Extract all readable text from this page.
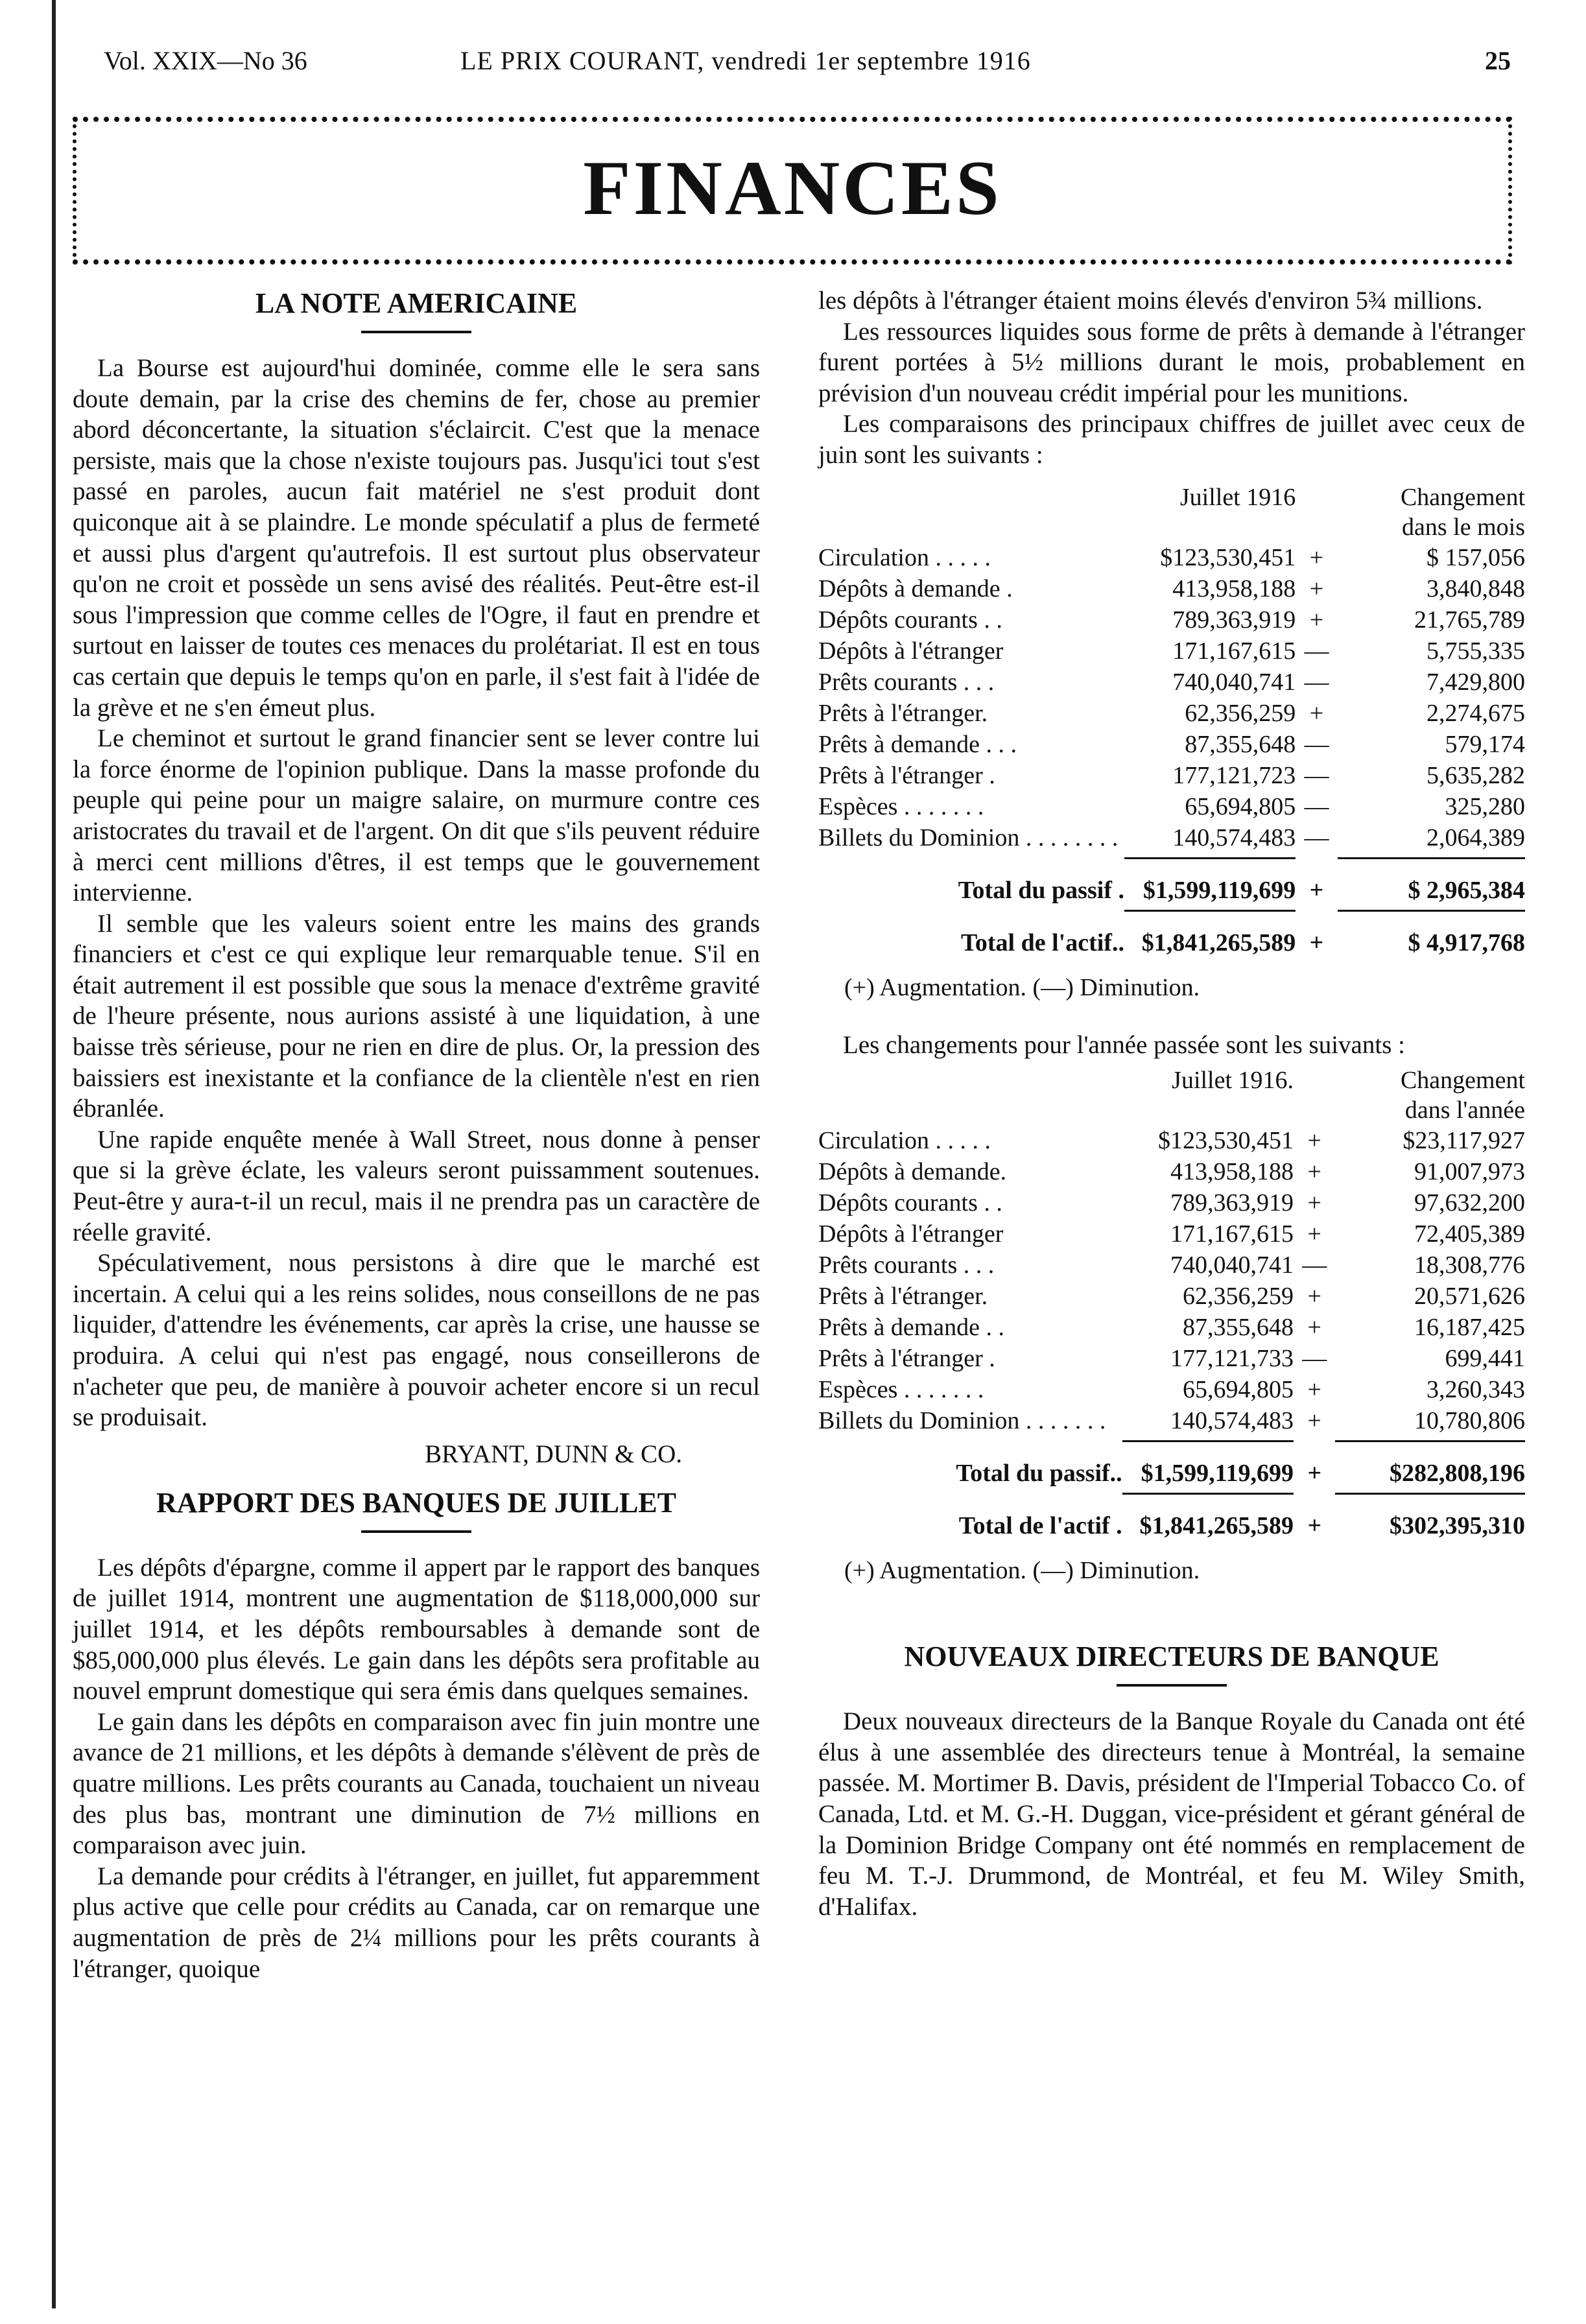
Vol. XXIX—No 36	LE PRIX COURANT, vendredi 1er septembre 1916	25
FINANCES
LA NOTE AMERICAINE

La Bourse est aujourd'hui dominée, comme elle le sera sans doute demain, par la crise des chemins de fer, chose au premier abord déconcertante, la situation s'éclaircit. C'est que la menace persiste, mais que la chose n'existe toujours pas. Jusqu'ici tout s'est passé en paroles, aucun fait matériel ne s'est produit dont quiconque ait à se plaindre. Le monde spéculatif a plus de fermeté et aussi plus d'argent qu'autrefois. Il est surtout plus observateur qu'on ne croit et possède un sens avisé des réalités. Peut-être est-il sous l'impression que comme celles de l'Ogre, il faut en prendre et surtout en laisser de toutes ces menaces du prolétariat. Il est en tous cas certain que depuis le temps qu'on en parle, il s'est fait à l'idée de la grève et ne s'en émeut plus.

Le cheminot et surtout le grand financier sent se lever contre lui la force énorme de l'opinion publique. Dans la masse profonde du peuple qui peine pour un maigre salaire, on murmure contre ces aristocrates du travail et de l'argent. On dit que s'ils peuvent réduire à merci cent millions d'êtres, il est temps que le gouvernement intervienne.

Il semble que les valeurs soient entre les mains des grands financiers et c'est ce qui explique leur remarquable tenue. S'il en était autrement il est possible que sous la menace d'extrême gravité de l'heure présente, nous aurions assisté à une liquidation, à une baisse très sérieuse, pour ne rien en dire de plus. Or, la pression des baissiers est inexistante et la confiance de la clientèle n'est en rien ébranlée.

Une rapide enquête menée à Wall Street, nous donne à penser que si la grève éclate, les valeurs seront puissamment soutenues. Peut-être y aura-t-il un recul, mais il ne prendra pas un caractère de réelle gravité.

Spéculativement, nous persistons à dire que le marché est incertain. A celui qui a les reins solides, nous conseillons de ne pas liquider, d'attendre les événements, car après la crise, une hausse se produira. A celui qui n'est pas engagé, nous conseillerons de n'acheter que peu, de manière à pouvoir acheter encore si un recul se produisait.

BRYANT, DUNN & CO.
RAPPORT DES BANQUES DE JUILLET

Les dépôts d'épargne, comme il appert par le rapport des banques de juillet 1914, montrent une augmentation de $118,000,000 sur juillet 1914, et les dépôts remboursables à demande sont de $85,000,000 plus élevés. Le gain dans les dépôts sera profitable au nouvel emprunt domestique qui sera émis dans quelques semaines.

Le gain dans les dépôts en comparaison avec fin juin montre une avance de 21 millions, et les dépôts à demande s'élèvent de près de quatre millions. Les prêts courants au Canada, touchaient un niveau des plus bas, montrant une diminution de 7½ millions en comparaison avec juin.

La demande pour crédits à l'étranger, en juillet, fut apparemment plus active que celle pour crédits au Canada, car on remarque une augmentation de près de 2¼ millions pour les prêts courants à l'étranger, quoique

les dépôts à l'étranger étaient moins élevés d'environ 5¾ millions.

Les ressources liquides sous forme de prêts à demande à l'étranger furent portées à 5½ millions durant le mois, probablement en prévision d'un nouveau crédit impérial pour les munitions.

Les comparaisons des principaux chiffres de juillet avec ceux de juin sont les suivants :

	Juillet 1916		Changement
dans le mois

Circulation . . . . .	$123,530,451	+	$ 157,056
Dépôts à demande .	413,958,188	+	3,840,848
Dépôts courants . .	789,363,919	+	21,765,789
Dépôts à l'étranger	171,167,615	—	5,755,335
Prêts courants . . .	740,040,741	—	7,429,800
Prêts à l'étranger.	62,356,259	+	2,274,675
Prêts à demande . . .	87,355,648	—	579,174
Prêts à l'étranger .	177,121,723	—	5,635,282
Espèces . . . . . . .	65,694,805	—	325,280
Billets du Dominion . . . . . . . .	140,574,483	—	2,064,389

Total du passif .	$1,599,119,699	+	$ 2,965,384

Total de l'actif..	$1,841,265,589	+	$ 4,917,768
(+) Augmentation. (—) Diminution.

Les changements pour l'année passée sont les suivants :

	Juillet 1916.		Changement
dans l'année

Circulation . . . . .	$123,530,451	+	$23,117,927
Dépôts à demande.	413,958,188	+	91,007,973
Dépôts courants . .	789,363,919	+	97,632,200
Dépôts à l'étranger	171,167,615	+	72,405,389
Prêts courants . . .	740,040,741	—	18,308,776
Prêts à l'étranger.	62,356,259	+	20,571,626
Prêts à demande . .	87,355,648	+	16,187,425
Prêts à l'étranger .	177,121,733	—	699,441
Espèces . . . . . . .	65,694,805	+	3,260,343
Billets du Dominion . . . . . . .	140,574,483	+	10,780,806

Total du passif..	$1,599,119,699	+	$282,808,196

Total de l'actif .	$1,841,265,589	+	$302,395,310
(+) Augmentation. (—) Diminution.
NOUVEAUX DIRECTEURS DE BANQUE

Deux nouveaux directeurs de la Banque Royale du Canada ont été élus à une assemblée des directeurs tenue à Montréal, la semaine passée. M. Mortimer B. Davis, président de l'Imperial Tobacco Co. of Canada, Ltd. et M. G.-H. Duggan, vice-président et gérant général de la Dominion Bridge Company ont été nommés en remplacement de feu M. T.-J. Drummond, de Montréal, et feu M. Wiley Smith, d'Halifax.
